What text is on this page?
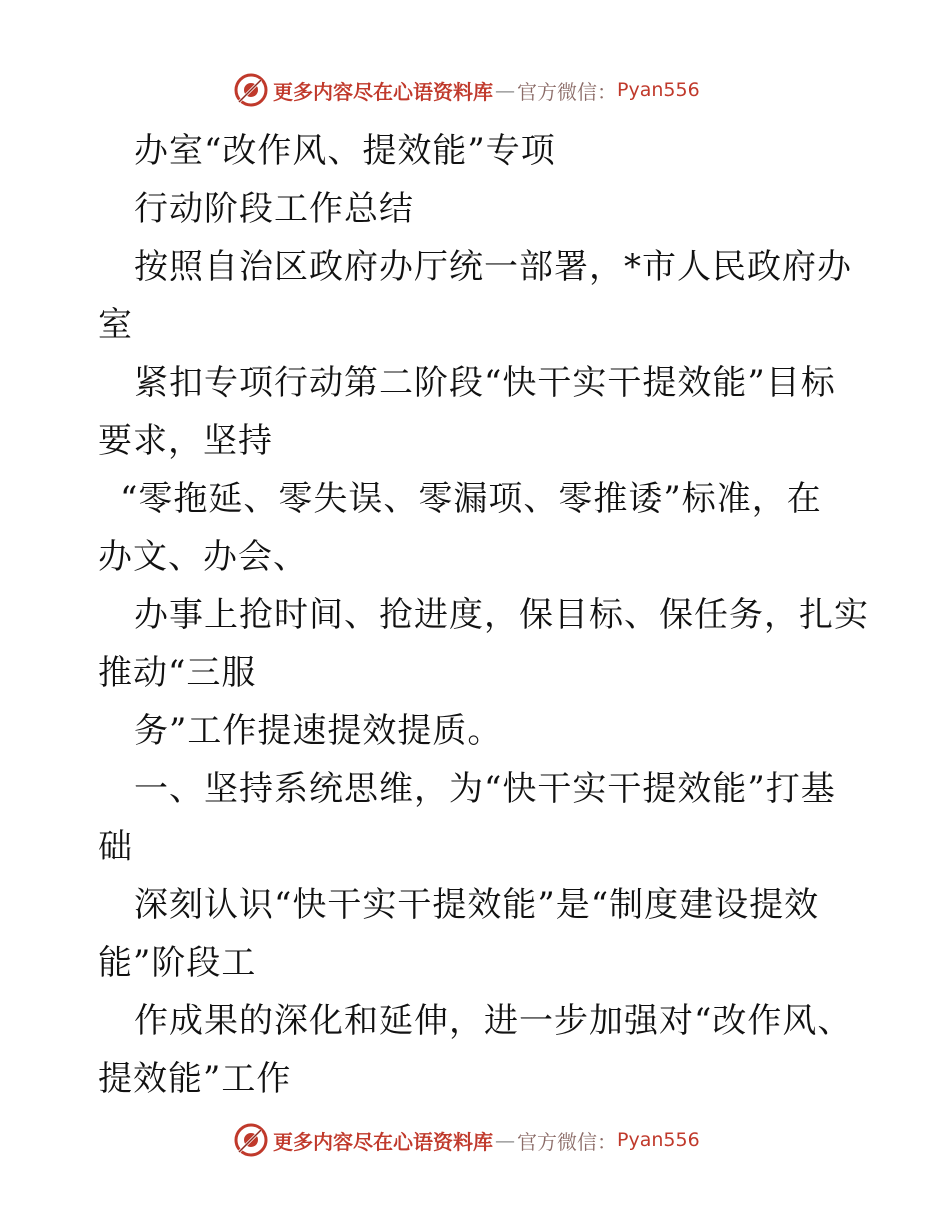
更多内容尽在心语资料库 — 官方微信： Pyan556
办室“改作风、提效能”专项
行动阶段工作总结
按照自治区政府办厅统一部署，*市人民政府办
室
紧扣专项行动第二阶段“快干实干提效能”目标
要求，坚持
“零拖延、零失误、零漏项、零推诿”标准，在
办文、办会、
办事上抢时间、抢进度，保目标、保任务，扎实
推动“三服
务”工作提速提效提质。
一、坚持系统思维，为“快干实干提效能”打基
础
深刻认识“快干实干提效能”是“制度建设提效
能”阶段工
作成果的深化和延伸，进一步加强对“改作风、
提效能”工作
更多内容尽在心语资料库 — 官方微信： Pyan556
